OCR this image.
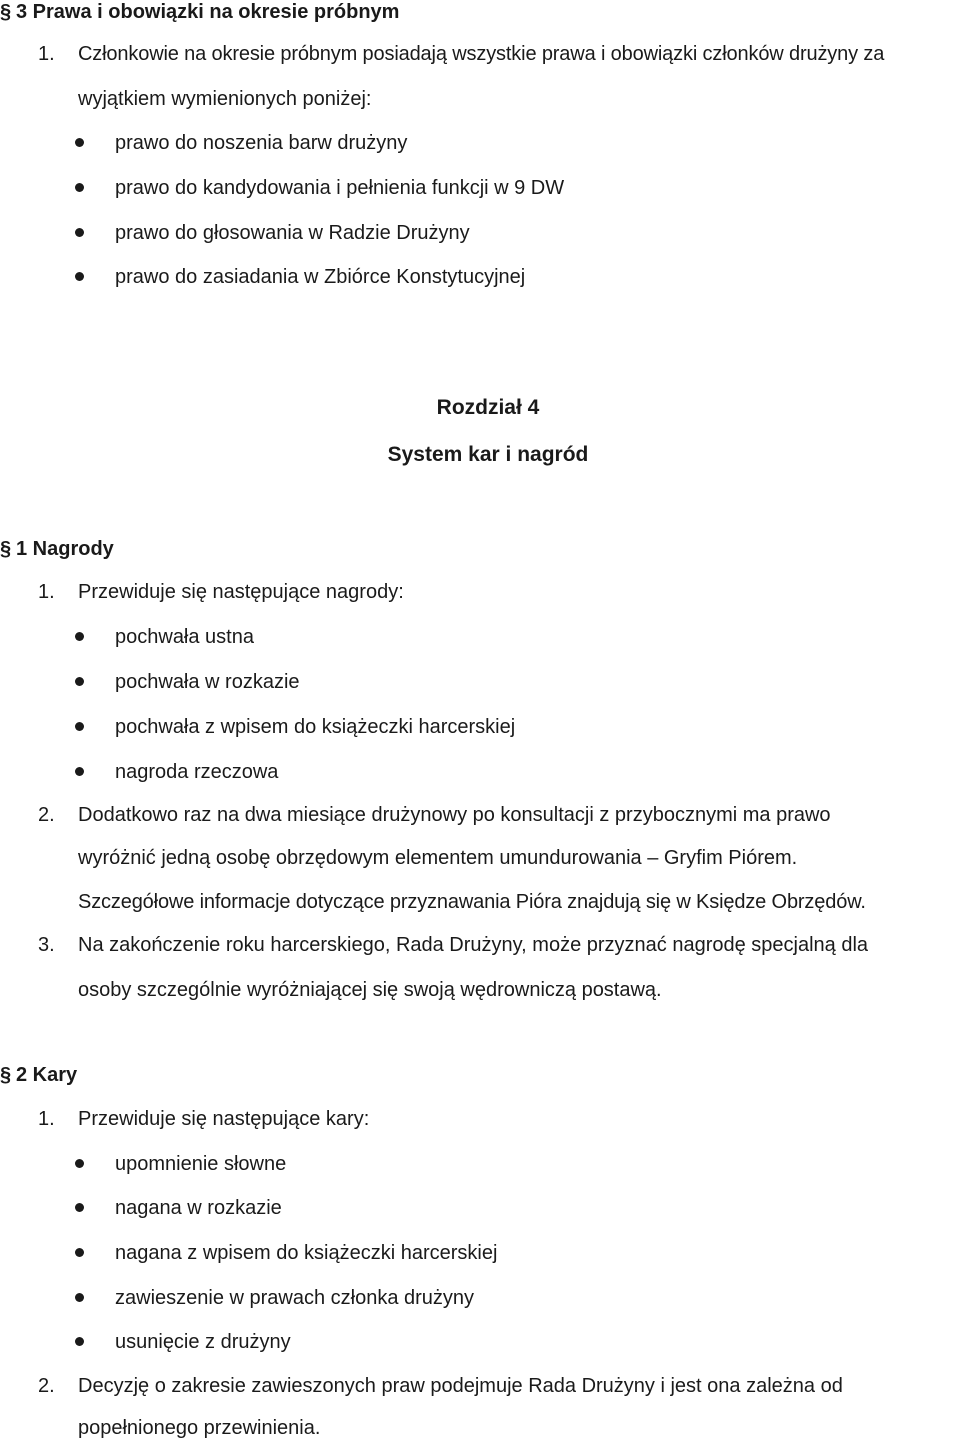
§ 3 Prawa i obowiązki na okresie próbnym
1. Członkowie na okresie próbnym posiadają wszystkie prawa i obowiązki członków drużyny za
wyjątkiem wymienionych poniżej:
prawo do noszenia barw drużyny
prawo do kandydowania i pełnienia funkcji w 9 DW
prawo do głosowania w Radzie Drużyny
prawo do zasiadania w Zbiórce Konstytucyjnej
Rozdział 4
System kar i nagród
§ 1 Nagrody
1. Przewiduje się następujące nagrody:
pochwała ustna
pochwała w rozkazie
pochwała z wpisem do książeczki harcerskiej
nagroda rzeczowa
2. Dodatkowo raz na dwa miesiące drużynowy po konsultacji z przybocznymi ma prawo
wyróżnić jedną osobę obrzędowym elementem umundurowania – Gryfim Piórem.
Szczegółowe informacje dotyczące przyznawania Pióra znajdują się w Księdze Obrzędów.
3. Na zakończenie roku harcerskiego, Rada Drużyny, może przyznać nagrodę specjalną dla
osoby szczególnie wyróżniającej się swoją wędrowniczą postawą.
§ 2 Kary
1. Przewiduje się następujące kary:
upomnienie słowne
nagana w rozkazie
nagana z wpisem do książeczki harcerskiej
zawieszenie w prawach członka drużyny
usunięcie z drużyny
2. Decyzję o zakresie zawieszonych praw podejmuje Rada Drużyny i jest ona zależna od
popełnionego przewinienia.
